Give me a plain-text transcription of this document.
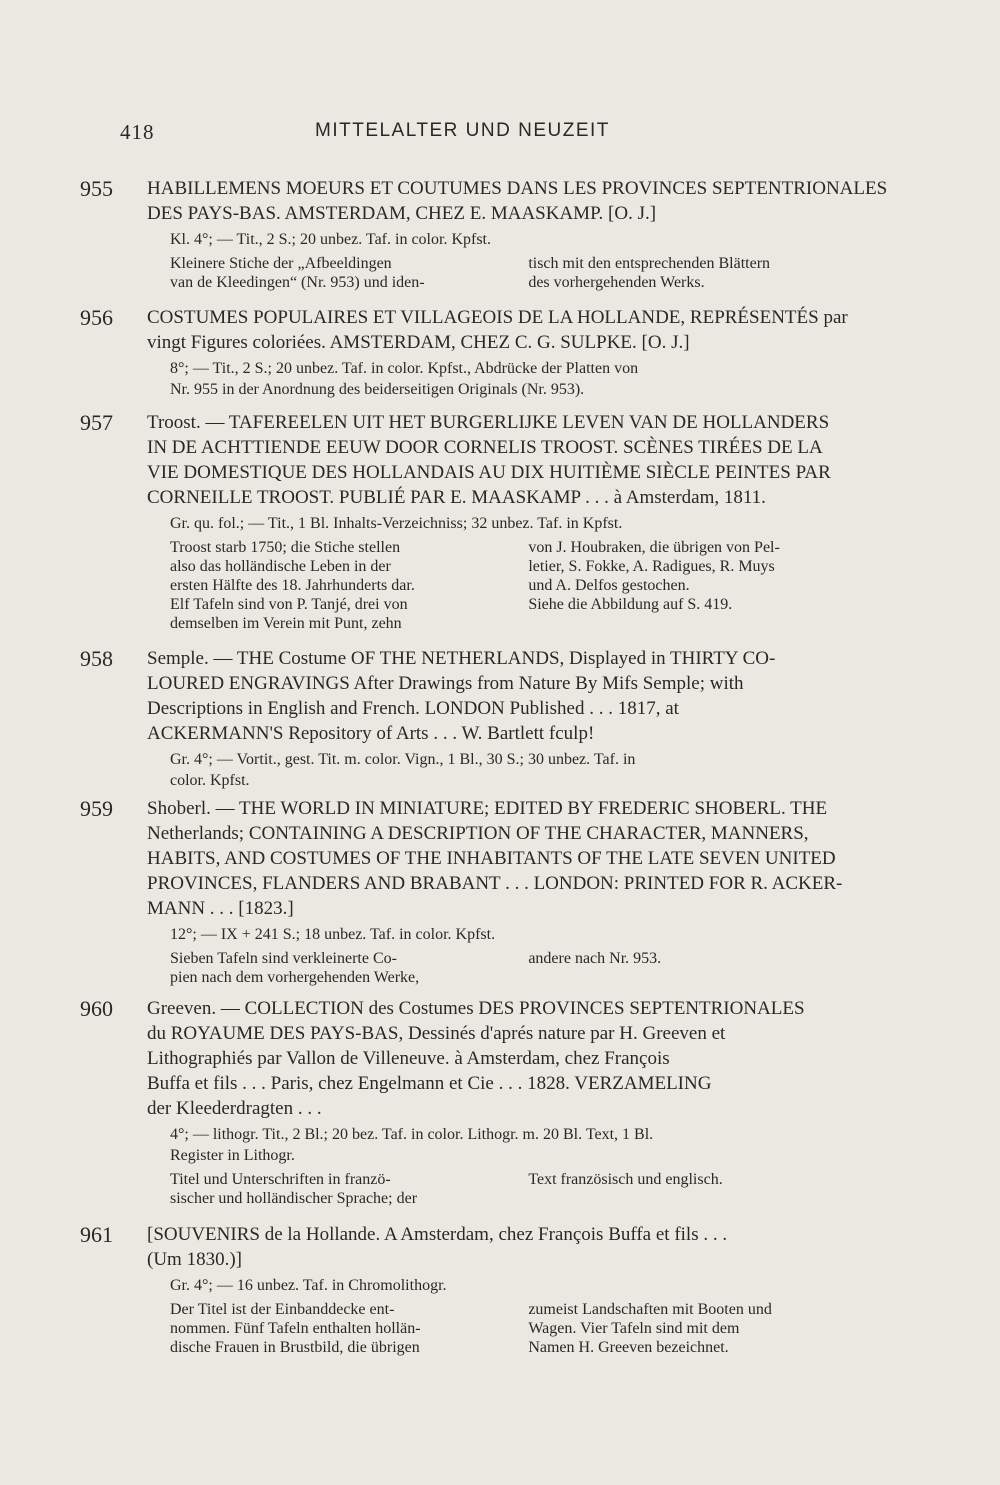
418	MITTELALTER UND NEUZEIT
955 HABILLEMENS MOEURS ET COUTUMES DANS LES PROVINCES SEPTENTRIONALES
DES PAYS-BAS. AMSTERDAM, CHEZ E. MAASKAMP. [O. J.]
Kl. 4°; — Tit., 2 S.; 20 unbez. Taf. in color. Kpfst.
Kleinere Stiche der „Afbeeldingen
van de Kleedingen“ (Nr. 953) und iden-
tisch mit den entsprechenden Blättern
des vorhergehenden Werks.
956 COSTUMES POPULAIRES ET VILLAGEOIS DE LA HOLLANDE, REPRÉSENTÉS par
vingt Figures coloriées. AMSTERDAM, CHEZ C. G. SULPKE. [O. J.]
8°; — Tit., 2 S.; 20 unbez. Taf. in color. Kpfst., Abdrücke der Platten von
Nr. 955 in der Anordnung des beiderseitigen Originals (Nr. 953).
957 Troost. — TAFEREELEN UIT HET BURGERLIJKE LEVEN VAN DE HOLLANDERS
IN DE ACHTTIENDE EEUW DOOR CORNELIS TROOST. SCÈNES TIRÉES DE LA
VIE DOMESTIQUE DES HOLLANDAIS AU DIX HUITIÈME SIÈCLE PEINTES PAR
CORNEILLE TROOST. PUBLIÉ PAR E. MAASKAMP . . . à Amsterdam, 1811.
Gr. qu. fol.; — Tit., 1 Bl. Inhalts-Verzeichniss; 32 unbez. Taf. in Kpfst.
Troost starb 1750; die Stiche stellen
also das holländische Leben in der
ersten Hälfte des 18. Jahrhunderts dar.
Elf Tafeln sind von P. Tanjé, drei von
demselben im Verein mit Punt, zehn
von J. Houbraken, die übrigen von Pel-
letier, S. Fokke, A. Radigues, R. Muys
und A. Delfos gestochen.
Siehe die Abbildung auf S. 419.
958 Semple. — THE Costume OF THE NETHERLANDS, Displayed in THIRTY CO-
LOURED ENGRAVINGS After Drawings from Nature By Mifs Semple; with
Descriptions in English and French. LONDON Published . . . 1817, at
ACKERMANN'S Repository of Arts . . . W. Bartlett fculp!
Gr. 4°; — Vortit., gest. Tit. m. color. Vign., 1 Bl., 30 S.; 30 unbez. Taf. in
color. Kpfst.
959 Shoberl. — THE WORLD IN MINIATURE; EDITED BY FREDERIC SHOBERL. THE
Netherlands; CONTAINING A DESCRIPTION OF THE CHARACTER, MANNERS,
HABITS, AND COSTUMES OF THE INHABITANTS OF THE LATE SEVEN UNITED
PROVINCES, FLANDERS AND BRABANT . . . LONDON: PRINTED FOR R. ACKER-
MANN . . . [1823.]
12°; — IX + 241 S.; 18 unbez. Taf. in color. Kpfst.
Sieben Tafeln sind verkleinerte Co-
pien nach dem vorhergehenden Werke,
andere nach Nr. 953.
960 Greeven. — COLLECTION des Costumes DES PROVINCES SEPTENTRIONALES
du ROYAUME DES PAYS-BAS, Dessinés d'aprés nature par H. Greeven et
Lithographiés par Vallon de Villeneuve. à Amsterdam, chez François
Buffa et fils . . . Paris, chez Engelmann et Cie . . . 1828. VERZAMELING
der Kleederdragten . . .
4°; — lithogr. Tit., 2 Bl.; 20 bez. Taf. in color. Lithogr. m. 20 Bl. Text, 1 Bl.
Register in Lithogr.
Titel und Unterschriften in franzö-
sischer und holländischer Sprache; der
Text französisch und englisch.
961 [SOUVENIRS de la Hollande. A Amsterdam, chez François Buffa et fils . . .
(Um 1830.)]
Gr. 4°; — 16 unbez. Taf. in Chromolithogr.
Der Titel ist der Einbanddecke ent-
nommen. Fünf Tafeln enthalten hollän-
dische Frauen in Brustbild, die übrigen
zumeist Landschaften mit Booten und
Wagen. Vier Tafeln sind mit dem
Namen H. Greeven bezeichnet.
